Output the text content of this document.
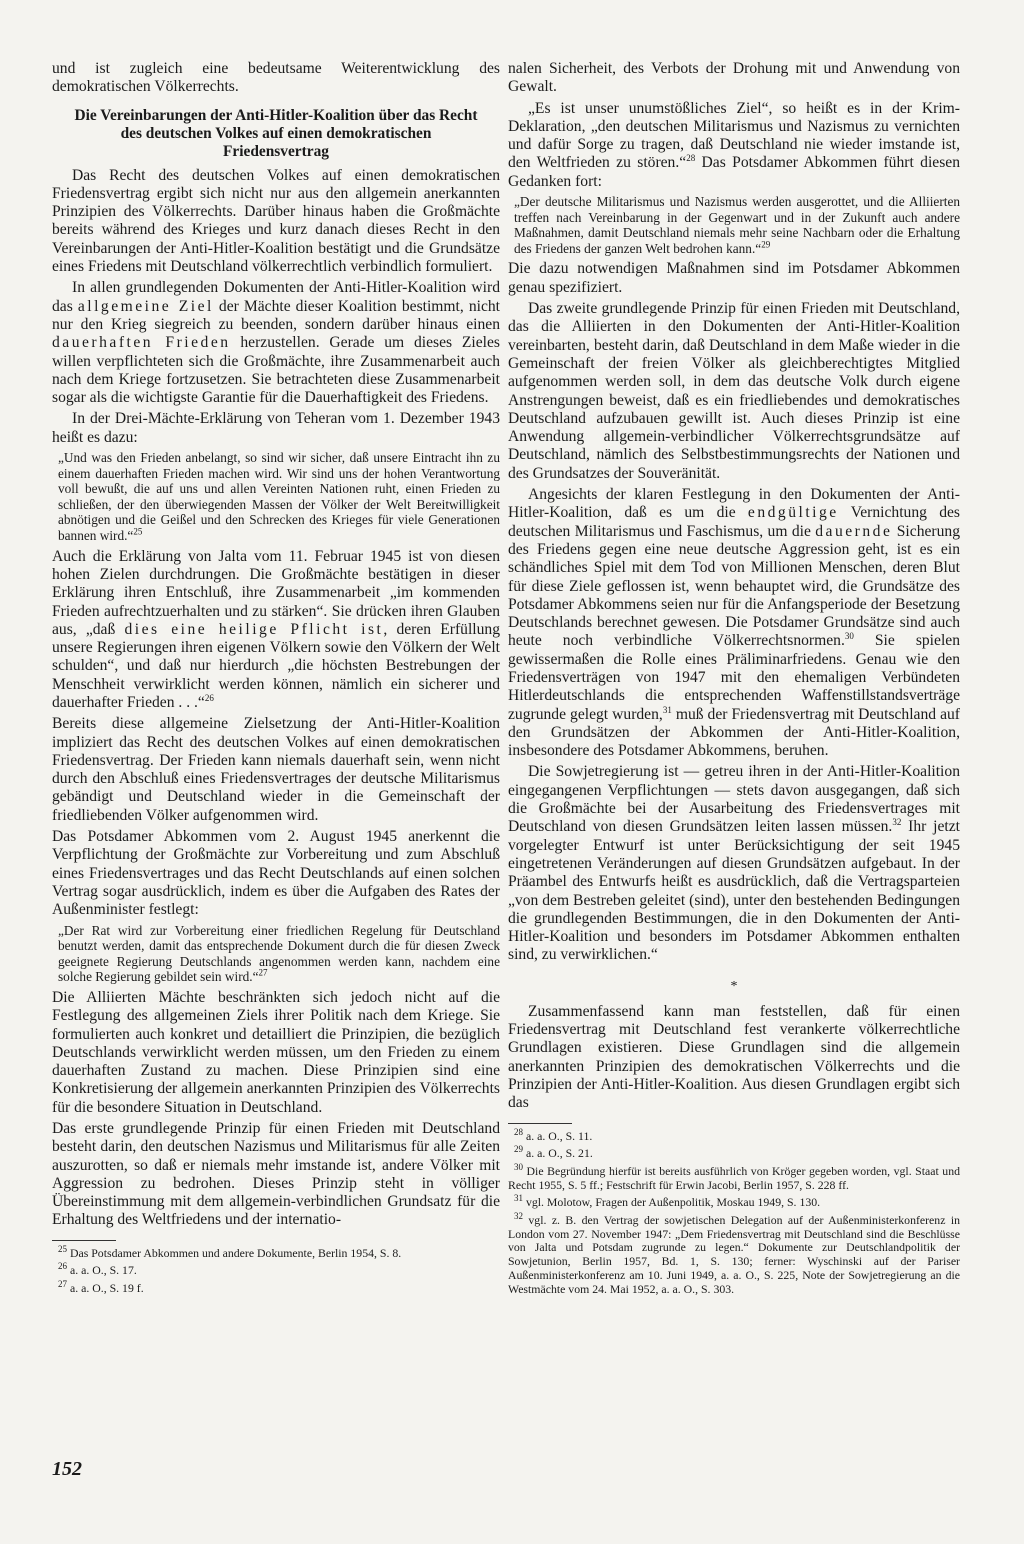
und ist zugleich eine bedeutsame Weiterentwicklung des demokratischen Völkerrechts.

Die Vereinbarungen der Anti-Hitler-Koalition über das Recht des deutschen Volkes auf einen demokratischen Friedensvertrag

Das Recht des deutschen Volkes auf einen demokratischen Friedensvertrag ergibt sich nicht nur aus den allgemein anerkannten Prinzipien des Völkerrechts. Darüber hinaus haben die Großmächte bereits während des Krieges und kurz danach dieses Recht in den Vereinbarungen der Anti-Hitler-Koalition bestätigt und die Grundsätze eines Friedens mit Deutschland völkerrechtlich verbindlich formuliert.

In allen grundlegenden Dokumenten der Anti-Hitler-Koalition wird das allgemeine Ziel der Mächte dieser Koalition bestimmt, nicht nur den Krieg siegreich zu beenden, sondern darüber hinaus einen dauerhaften Frieden herzustellen. Gerade um dieses Zieles willen verpflichteten sich die Großmächte, ihre Zusammenarbeit auch nach dem Kriege fortzusetzen. Sie betrachteten diese Zusammenarbeit sogar als die wichtigste Garantie für die Dauerhaftigkeit des Friedens.

In der Drei-Mächte-Erklärung von Teheran vom 1. Dezember 1943 heißt es dazu:

„Und was den Frieden anbelangt, so sind wir sicher, daß unsere Eintracht ihn zu einem dauerhaften Frieden machen wird. Wir sind uns der hohen Verantwortung voll bewußt, die auf uns und allen Vereinten Nationen ruht, einen Frieden zu schließen, der den überwiegenden Massen der Völker der Welt Bereitwilligkeit abnötigen und die Geißel und den Schrecken des Krieges für viele Generationen bannen wird.“$^{25}$

Auch die Erklärung von Jalta vom 11. Februar 1945 ist von diesen hohen Zielen durchdrungen. Die Großmächte bestätigen in dieser Erklärung ihren Entschluß, ihre Zusammenarbeit „im kommenden Frieden aufrechtzuerhalten und zu stärken“. Sie drücken ihren Glauben aus, „daß dies eine heilige Pflicht ist, deren Erfüllung unsere Regierungen ihren eigenen Völkern sowie den Völkern der Welt schulden“, und daß nur hierdurch „die höchsten Bestrebungen der Menschheit verwirklicht werden können, nämlich ein sicherer und dauerhafter Frieden . . .“$^{26}$

Bereits diese allgemeine Zielsetzung der Anti-Hitler-Koalition impliziert das Recht des deutschen Volkes auf einen demokratischen Friedensvertrag. Der Frieden kann niemals dauerhaft sein, wenn nicht durch den Abschluß eines Friedensvertrages der deutsche Militarismus gebändigt und Deutschland wieder in die Gemeinschaft der friedliebenden Völker aufgenommen wird.

Das Potsdamer Abkommen vom 2. August 1945 anerkennt die Verpflichtung der Großmächte zur Vorbereitung und zum Abschluß eines Friedensvertrages und das Recht Deutschlands auf einen solchen Vertrag sogar ausdrücklich, indem es über die Aufgaben des Rates der Außenminister festlegt:

„Der Rat wird zur Vorbereitung einer friedlichen Regelung für Deutschland benutzt werden, damit das entsprechende Dokument durch die für diesen Zweck geeignete Regierung Deutschlands angenommen werden kann, nachdem eine solche Regierung gebildet sein wird.“$^{27}$

Die Alliierten Mächte beschränkten sich jedoch nicht auf die Festlegung des allgemeinen Ziels ihrer Politik nach dem Kriege. Sie formulierten auch konkret und detailliert die Prinzipien, die bezüglich Deutschlands verwirklicht werden müssen, um den Frieden zu einem dauerhaften Zustand zu machen. Diese Prinzipien sind eine Konkretisierung der allgemein anerkannten Prinzipien des Völkerrechts für die besondere Situation in Deutschland.

Das erste grundlegende Prinzip für einen Frieden mit Deutschland besteht darin, den deutschen Nazismus und Militarismus für alle Zeiten auszurotten, so daß er niemals mehr imstande ist, andere Völker mit Aggression zu bedrohen. Dieses Prinzip steht in völliger Übereinstimmung mit dem allgemein-verbindlichen Grundsatz für die Erhaltung des Weltfriedens und der internatio-

$^{25}$ Das Potsdamer Abkommen und andere Dokumente, Berlin 1954, S. 8.

$^{26}$ a. a. O., S. 17.

$^{27}$ a. a. O., S. 19 f.

nalen Sicherheit, des Verbots der Drohung mit und Anwendung von Gewalt.

„Es ist unser unumstößliches Ziel“, so heißt es in der Krim-Deklaration, „den deutschen Militarismus und Nazismus zu vernichten und dafür Sorge zu tragen, daß Deutschland nie wieder imstande ist, den Weltfrieden zu stören.“$^{28}$ Das Potsdamer Abkommen führt diesen Gedanken fort:

„Der deutsche Militarismus und Nazismus werden ausgerottet, und die Alliierten treffen nach Vereinbarung in der Gegenwart und in der Zukunft auch andere Maßnahmen, damit Deutschland niemals mehr seine Nachbarn oder die Erhaltung des Friedens der ganzen Welt bedrohen kann.“$^{29}$

Die dazu notwendigen Maßnahmen sind im Potsdamer Abkommen genau spezifiziert.

Das zweite grundlegende Prinzip für einen Frieden mit Deutschland, das die Alliierten in den Dokumenten der Anti-Hitler-Koalition vereinbarten, besteht darin, daß Deutschland in dem Maße wieder in die Gemeinschaft der freien Völker als gleichberechtigtes Mitglied aufgenommen werden soll, in dem das deutsche Volk durch eigene Anstrengungen beweist, daß es ein friedliebendes und demokratisches Deutschland aufzubauen gewillt ist. Auch dieses Prinzip ist eine Anwendung allgemein-verbindlicher Völkerrechtsgrundsätze auf Deutschland, nämlich des Selbstbestimmungsrechts der Nationen und des Grundsatzes der Souveränität.

Angesichts der klaren Festlegung in den Dokumenten der Anti-Hitler-Koalition, daß es um die endgültige Vernichtung des deutschen Militarismus und Faschismus, um die dauernde Sicherung des Friedens gegen eine neue deutsche Aggression geht, ist es ein schändliches Spiel mit dem Tod von Millionen Menschen, deren Blut für diese Ziele geflossen ist, wenn behauptet wird, die Grundsätze des Potsdamer Abkommens seien nur für die Anfangsperiode der Besetzung Deutschlands berechnet gewesen. Die Potsdamer Grundsätze sind auch heute noch verbindliche Völkerrechtsnormen.$^{30}$ Sie spielen gewissermaßen die Rolle eines Präliminarfriedens. Genau wie den Friedensverträgen von 1947 mit den ehemaligen Verbündeten Hitlerdeutschlands die entsprechenden Waffenstillstandsverträge zugrunde gelegt wurden,$^{31}$ muß der Friedensvertrag mit Deutschland auf den Grundsätzen der Abkommen der Anti-Hitler-Koalition, insbesondere des Potsdamer Abkommens, beruhen.

Die Sowjetregierung ist — getreu ihren in der Anti-Hitler-Koalition eingegangenen Verpflichtungen — stets davon ausgegangen, daß sich die Großmächte bei der Ausarbeitung des Friedensvertrages mit Deutschland von diesen Grundsätzen leiten lassen müssen.$^{32}$ Ihr jetzt vorgelegter Entwurf ist unter Berücksichtigung der seit 1945 eingetretenen Veränderungen auf diesen Grundsätzen aufgebaut. In der Präambel des Entwurfs heißt es ausdrücklich, daß die Vertragsparteien „von dem Bestreben geleitet (sind), unter den bestehenden Bedingungen die grundlegenden Bestimmungen, die in den Dokumenten der Anti-Hitler-Koalition und besonders im Potsdamer Abkommen enthalten sind, zu verwirklichen.“

*

Zusammenfassend kann man feststellen, daß für einen Friedensvertrag mit Deutschland fest verankerte völkerrechtliche Grundlagen existieren. Diese Grundlagen sind die allgemein anerkannten Prinzipien des demokratischen Völkerrechts und die Prinzipien der Anti-Hitler-Koalition. Aus diesen Grundlagen ergibt sich das

$^{28}$ a. a. O., S. 11.

$^{29}$ a. a. O., S. 21.

$^{30}$ Die Begründung hierfür ist bereits ausführlich von Kröger gegeben worden, vgl. Staat und Recht 1955, S. 5 ff.; Festschrift für Erwin Jacobi, Berlin 1957, S. 228 ff.

$^{31}$ vgl. Molotow, Fragen der Außenpolitik, Moskau 1949, S. 130.

$^{32}$ vgl. z. B. den Vertrag der sowjetischen Delegation auf der Außenministerkonferenz in London vom 27. November 1947: „Dem Friedensvertrag mit Deutschland sind die Beschlüsse von Jalta und Potsdam zugrunde zu legen.“ Dokumente zur Deutschlandpolitik der Sowjetunion, Berlin 1957, Bd. 1, S. 130; ferner: Wyschinski auf der Pariser Außenministerkonferenz am 10. Juni 1949, a. a. O., S. 225, Note der Sowjetregierung an die Westmächte vom 24. Mai 1952, a. a. O., S. 303.

152
